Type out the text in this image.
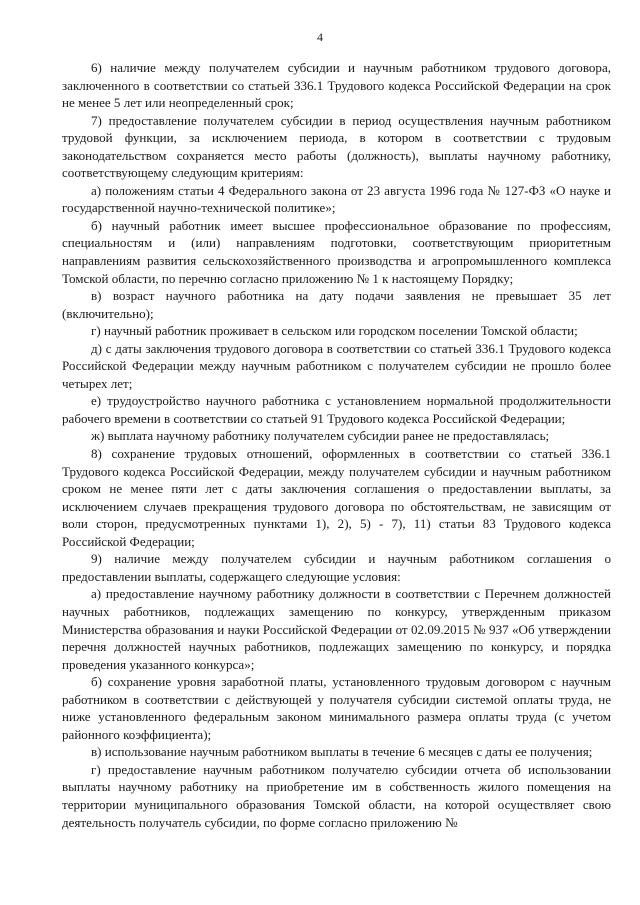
4

6) наличие между получателем субсидии и научным работником трудового договора, заключенного в соответствии со статьей 336.1 Трудового кодекса Российской Федерации на срок не менее 5 лет или неопределенный срок;

7) предоставление получателем субсидии в период осуществления научным работником трудовой функции, за исключением периода, в котором в соответствии с трудовым законодательством сохраняется место работы (должность), выплаты научному работнику, соответствующему следующим критериям:

а) положениям статьи 4 Федерального закона от 23 августа 1996 года № 127-ФЗ «О науке и государственной научно-технической политике»;

б) научный работник имеет высшее профессиональное образование по профессиям, специальностям и (или) направлениям подготовки, соответствующим приоритетным направлениям развития сельскохозяйственного производства и агропромышленного комплекса Томской области, по перечню согласно приложению № 1 к настоящему Порядку;

в) возраст научного работника на дату подачи заявления не превышает 35 лет (включительно);

г) научный работник проживает в сельском или городском поселении Томской области;

д) с даты заключения трудового договора в соответствии со статьей 336.1 Трудового кодекса Российской Федерации между научным работником с получателем субсидии не прошло более четырех лет;

е) трудоустройство научного работника с установлением нормальной продолжительности рабочего времени в соответствии со статьей 91 Трудового кодекса Российской Федерации;

ж) выплата научному работнику получателем субсидии ранее не предоставлялась;

8) сохранение трудовых отношений, оформленных в соответствии со статьей 336.1 Трудового кодекса Российской Федерации, между получателем субсидии и научным работником сроком не менее пяти лет с даты заключения соглашения о предоставлении выплаты, за исключением случаев прекращения трудового договора по обстоятельствам, не зависящим от воли сторон, предусмотренных пунктами 1), 2), 5) - 7), 11) статьи 83 Трудового кодекса Российской Федерации;

9) наличие между получателем субсидии и научным работником соглашения о предоставлении выплаты, содержащего следующие условия:

а) предоставление научному работнику должности в соответствии с Перечнем должностей научных работников, подлежащих замещению по конкурсу, утвержденным приказом Министерства образования и науки Российской Федерации от 02.09.2015 № 937 «Об утверждении перечня должностей научных работников, подлежащих замещению по конкурсу, и порядка проведения указанного конкурса»;

б) сохранение уровня заработной платы, установленного трудовым договором с научным работником в соответствии с действующей у получателя субсидии системой оплаты труда, не ниже установленного федеральным законом минимального размера оплаты труда (с учетом районного коэффициента);

в) использование научным работником выплаты в течение 6 месяцев с даты ее получения;

г) предоставление научным работником получателю субсидии отчета об использовании выплаты научному работнику на приобретение им в собственность жилого помещения на территории муниципального образования Томской области, на которой осуществляет свою деятельность получатель субсидии, по форме согласно приложению №
